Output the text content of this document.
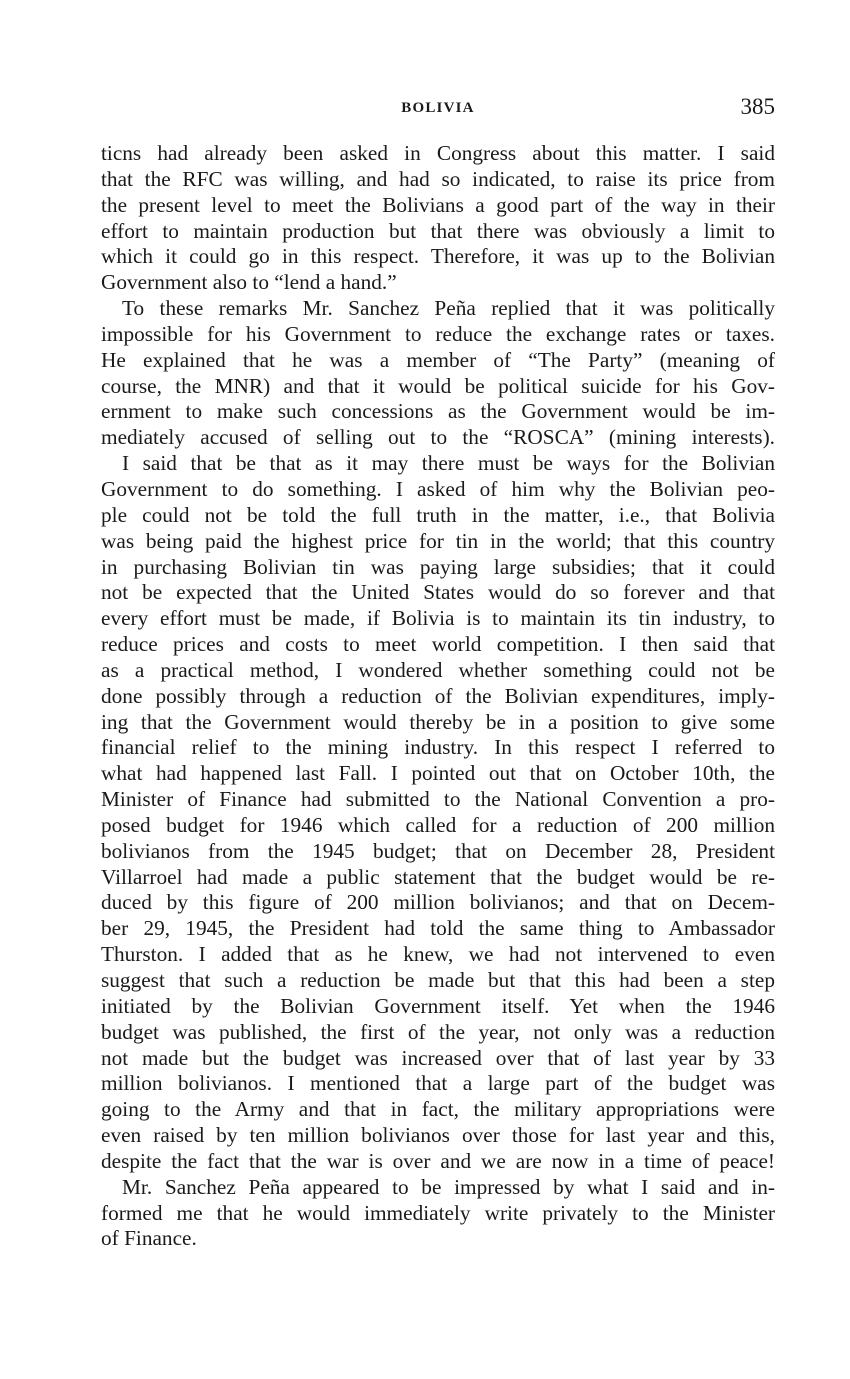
BOLIVIA	385
ticns had already been asked in Congress about this matter. I said
that the RFC was willing, and had so indicated, to raise its price from
the present level to meet the Bolivians a good part of the way in their
effort to maintain production but that there was obviously a limit to
which it could go in this respect. Therefore, it was up to the Bolivian
Government also to “lend a hand.”
To these remarks Mr. Sanchez Peña replied that it was politically
impossible for his Government to reduce the exchange rates or taxes.
He explained that he was a member of “The Party” (meaning of
course, the MNR) and that it would be political suicide for his Gov-
ernment to make such concessions as the Government would be im-
mediately accused of selling out to the “ROSCA” (mining interests).
I said that be that as it may there must be ways for the Bolivian
Government to do something. I asked of him why the Bolivian peo-
ple could not be told the full truth in the matter, i.e., that Bolivia
was being paid the highest price for tin in the world; that this country
in purchasing Bolivian tin was paying large subsidies; that it could
not be expected that the United States would do so forever and that
every effort must be made, if Bolivia is to maintain its tin industry, to
reduce prices and costs to meet world competition. I then said that
as a practical method, I wondered whether something could not be
done possibly through a reduction of the Bolivian expenditures, imply-
ing that the Government would thereby be in a position to give some
financial relief to the mining industry. In this respect I referred to
what had happened last Fall. I pointed out that on October 10th, the
Minister of Finance had submitted to the National Convention a pro-
posed budget for 1946 which called for a reduction of 200 million
bolivianos from the 1945 budget; that on December 28, President
Villarroel had made a public statement that the budget would be re-
duced by this figure of 200 million bolivianos; and that on Decem-
ber 29, 1945, the President had told the same thing to Ambassador
Thurston. I added that as he knew, we had not intervened to even
suggest that such a reduction be made but that this had been a step
initiated by the Bolivian Government itself. Yet when the 1946
budget was published, the first of the year, not only was a reduction
not made but the budget was increased over that of last year by 33
million bolivianos. I mentioned that a large part of the budget was
going to the Army and that in fact, the military appropriations were
even raised by ten million bolivianos over those for last year and this,
despite the fact that the war is over and we are now in a time of peace!
Mr. Sanchez Peña appeared to be impressed by what I said and in-
formed me that he would immediately write privately to the Minister
of Finance.
